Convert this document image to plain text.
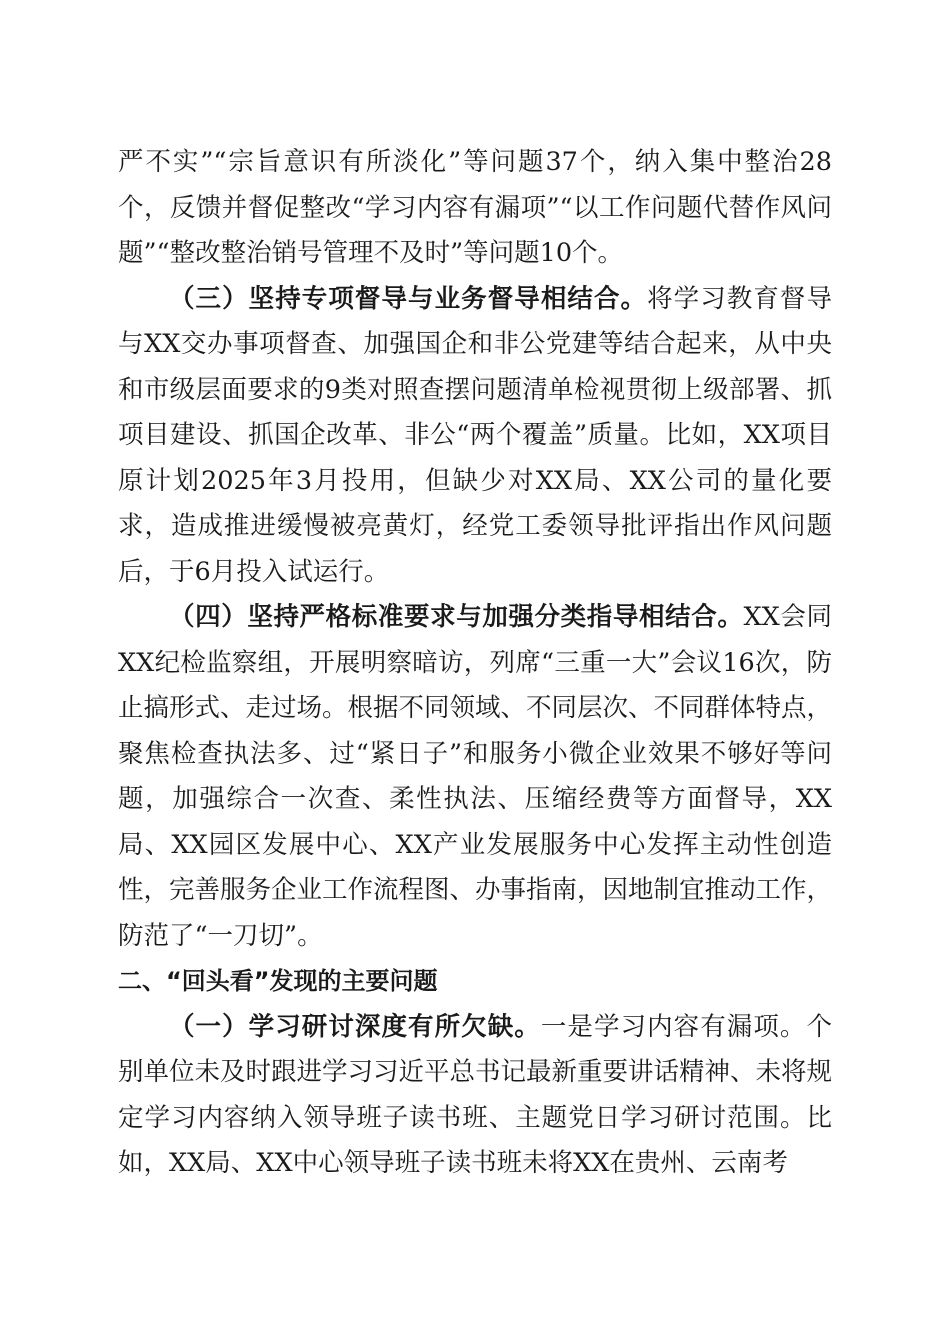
严不实”“宗旨意识有所淡化”等问题37个，纳入集中整治28个，反馈并督促整改“学习内容有漏项”“以工作问题代替作风问题”“整改整治销号管理不及时”等问题10个。

（三）坚持专项督导与业务督导相结合。将学习教育督导与XX交办事项督查、加强国企和非公党建等结合起来，从中央和市级层面要求的9类对照查摆问题清单检视贯彻上级部署、抓项目建设、抓国企改革、非公“两个覆盖”质量。比如，XX项目原计划2025年3月投用，但缺少对XX局、XX公司的量化要求，造成推进缓慢被亮黄灯，经党工委领导批评指出作风问题后，于6月投入试运行。

（四）坚持严格标准要求与加强分类指导相结合。XX会同XX纪检监察组，开展明察暗访，列席“三重一大”会议16次，防止搞形式、走过场。根据不同领域、不同层次、不同群体特点，聚焦检查执法多、过“紧日子”和服务小微企业效果不够好等问题，加强综合一次查、柔性执法、压缩经费等方面督导，XX局、XX园区发展中心、XX产业发展服务中心发挥主动性创造性，完善服务企业工作流程图、办事指南，因地制宜推动工作，防范了“一刀切”。

二、“回头看”发现的主要问题

（一）学习研讨深度有所欠缺。一是学习内容有漏项。个别单位未及时跟进学习习近平总书记最新重要讲话精神、未将规定学习内容纳入领导班子读书班、主题党日学习研讨范围。比如，XX局、XX中心领导班子读书班未将XX在贵州、云南考
